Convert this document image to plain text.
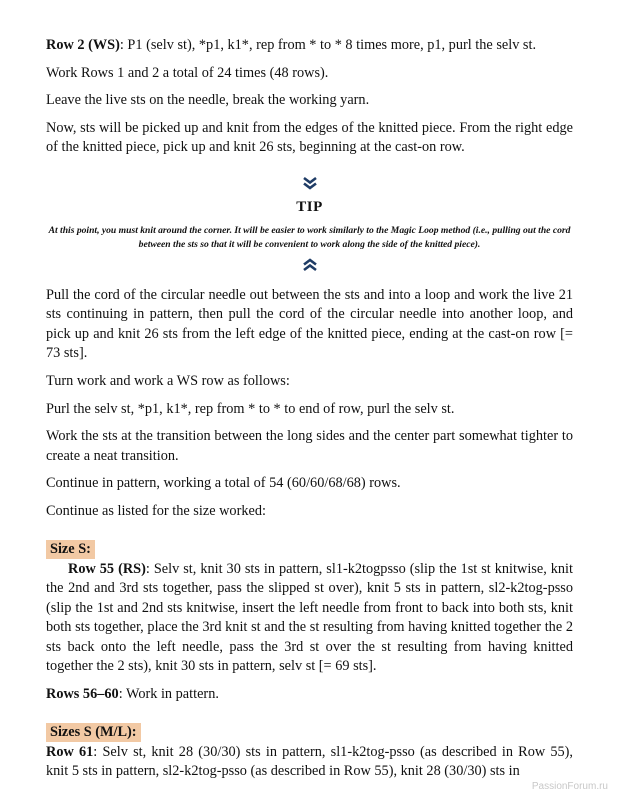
Row 2 (WS): P1 (selv st), *p1, k1*, rep from * to * 8 times more, p1, purl the selv st.

Work Rows 1 and 2 a total of 24 times (48 rows).

Leave the live sts on the needle, break the working yarn.

Now, sts will be picked up and knit from the edges of the knitted piece. From the right edge of the knitted piece, pick up and knit 26 sts, beginning at the cast-on row.

TIP

At this point, you must knit around the corner. It will be easier to work similarly to the Magic Loop method (i.e., pulling out the cord between the sts so that it will be convenient to work along the side of the knitted piece).

Pull the cord of the circular needle out between the sts and into a loop and work the live 21 sts continuing in pattern, then pull the cord of the circular needle into another loop, and pick up and knit 26 sts from the left edge of the knitted piece, ending at the cast-on row [= 73 sts].

Turn work and work a WS row as follows:

Purl the selv st, *p1, k1*, rep from * to * to end of row, purl the selv st.

Work the sts at the transition between the long sides and the center part somewhat tighter to create a neat transition.

Continue in pattern, working a total of 54 (60/60/68/68) rows.

Continue as listed for the size worked:

Size S:

Row 55 (RS): Selv st, knit 30 sts in pattern, sl1-k2togpsso (slip the 1st st knitwise, knit the 2nd and 3rd sts together, pass the slipped st over), knit 5 sts in pattern, sl2-k2tog-psso (slip the 1st and 2nd sts knitwise, insert the left needle from front to back into both sts, knit both sts together, place the 3rd knit st and the st resulting from having knitted together the 2 sts back onto the left needle, pass the 3rd st over the st resulting from having knitted together the 2 sts), knit 30 sts in pattern, selv st [= 69 sts].

Rows 56–60: Work in pattern.

Sizes S (M/L):

Row 61: Selv st, knit 28 (30/30) sts in pattern, sl1-k2tog-psso (as described in Row 55), knit 5 sts in pattern, sl2-k2tog-psso (as described in Row 55), knit 28 (30/30) sts in

PassionForum.ru
